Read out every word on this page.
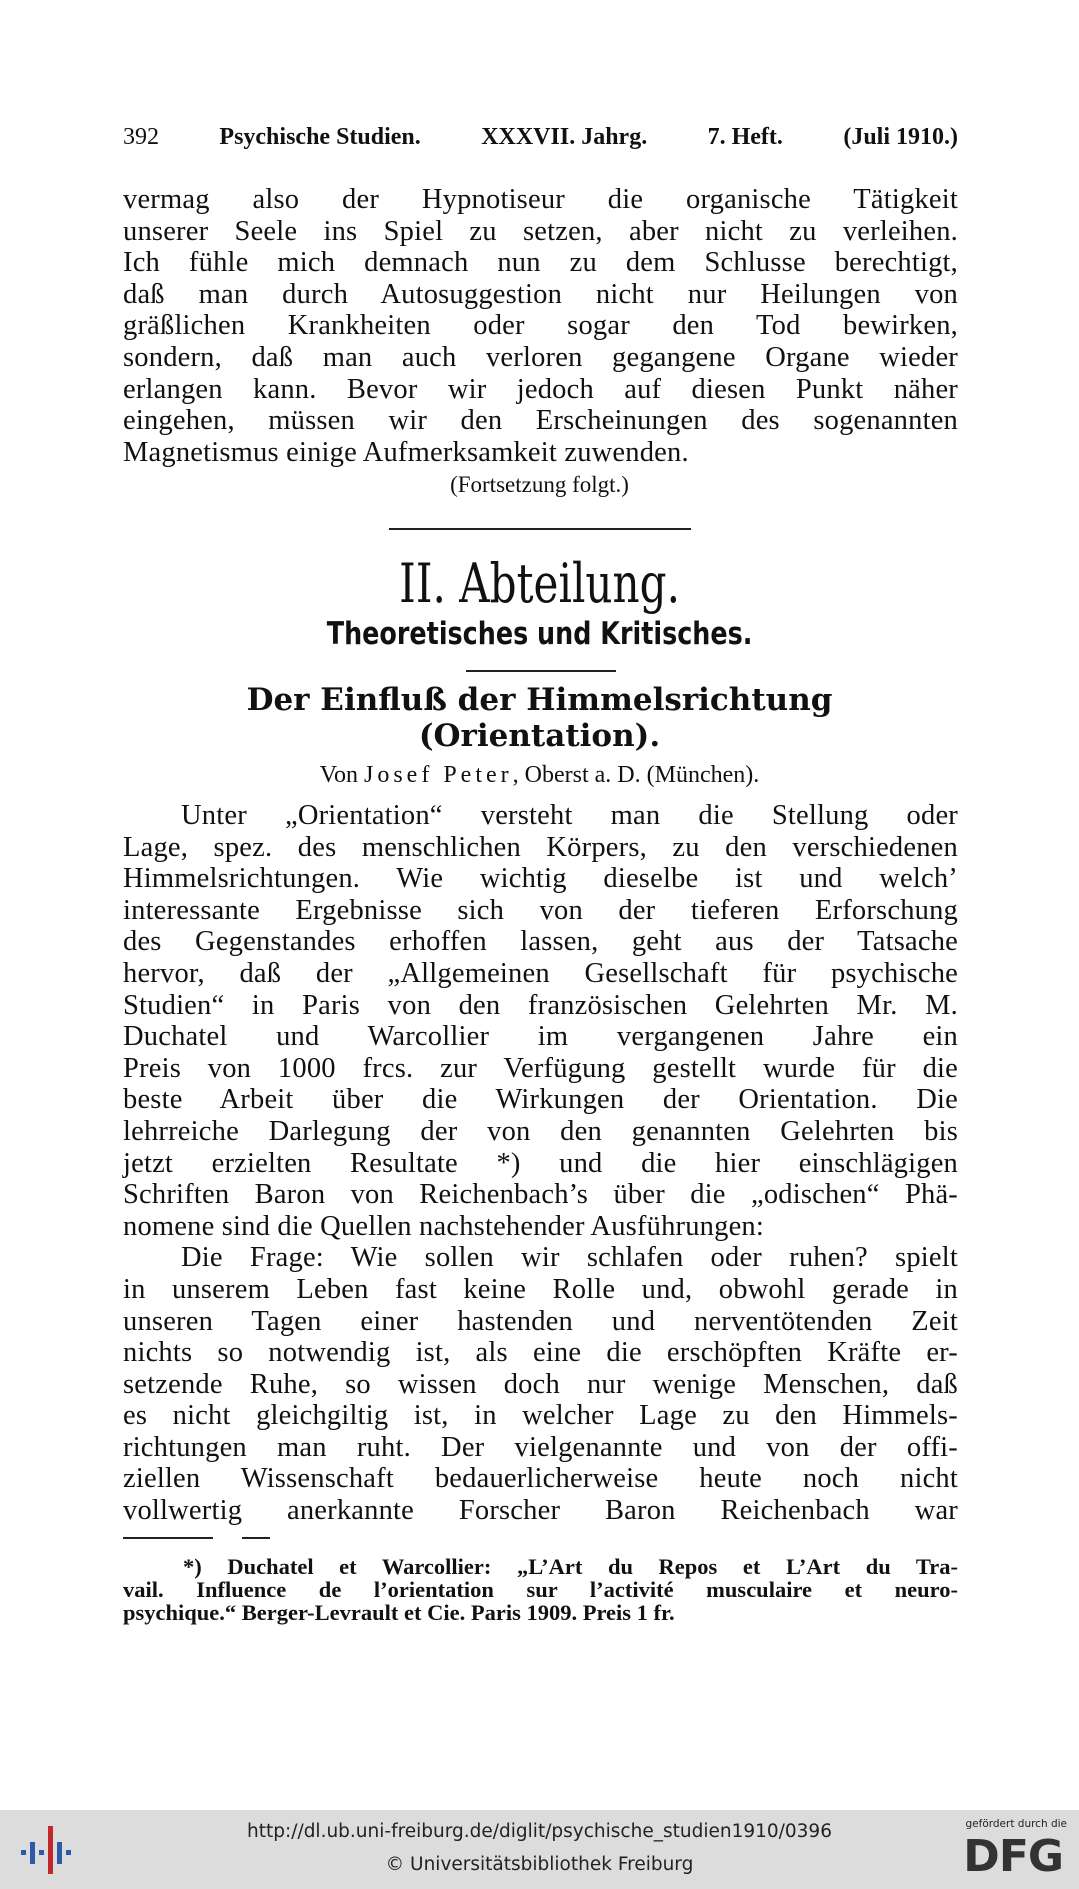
392	Psychische Studien.	XXXVII. Jahrg.	7. Heft.	(Juli 1910.)
vermag also der Hypnotiseur die organische Tätigkeit
unserer Seele ins Spiel zu setzen, aber nicht zu verleihen.
Ich fühle mich demnach nun zu dem Schlusse berechtigt,
daß man durch Autosuggestion nicht nur Heilungen von
gräßlichen Krankheiten oder sogar den Tod bewirken,
sondern, daß man auch verloren gegangene Organe wieder
erlangen kann. Bevor wir jedoch auf diesen Punkt näher
eingehen, müssen wir den Erscheinungen des sogenannten
Magnetismus einige Aufmerksamkeit zuwenden.
(Fortsetzung folgt.)
II. Abteilung.
Theoretisches und Kritisches.
Der Einfluß der Himmelsrichtung
(Orientation).
Von Josef Peter, Oberst a. D. (München).
Unter „Orientation“ versteht man die Stellung oder
Lage, spez. des menschlichen Körpers, zu den verschiedenen
Himmelsrichtungen. Wie wichtig dieselbe ist und welch’
interessante Ergebnisse sich von der tieferen Erforschung
des Gegenstandes erhoffen lassen, geht aus der Tatsache
hervor, daß der „Allgemeinen Gesellschaft für psychische
Studien“ in Paris von den französischen Gelehrten Mr. M.
Duchatel und Warcollier im vergangenen Jahre ein
Preis von 1000 frcs. zur Verfügung gestellt wurde für die
beste Arbeit über die Wirkungen der Orientation. Die
lehrreiche Darlegung der von den genannten Gelehrten bis
jetzt erzielten Resultate *) und die hier einschlägigen
Schriften Baron von Reichenbach’s über die „odischen“ Phä-
nomene sind die Quellen nachstehender Ausführungen:
Die Frage: Wie sollen wir schlafen oder ruhen? spielt
in unserem Leben fast keine Rolle und, obwohl gerade in
unseren Tagen einer hastenden und nerventötenden Zeit
nichts so notwendig ist, als eine die erschöpften Kräfte er-
setzende Ruhe, so wissen doch nur wenige Menschen, daß
es nicht gleichgiltig ist, in welcher Lage zu den Himmels-
richtungen man ruht. Der vielgenannte und von der offi-
ziellen Wissenschaft bedauerlicherweise heute noch nicht
vollwertig anerkannte Forscher Baron Reichenbach war
*) Duchatel et Warcollier: „L’Art du Repos et L’Art du Tra-
vail. Influence de l’orientation sur l’activité musculaire et neuro-
psychique.“ Berger-Levrault et Cie. Paris 1909. Preis 1 fr.
http://dl.ub.uni-freiburg.de/diglit/psychische_studien1910/0396
© Universitätsbibliothek Freiburg
gefördert durch die
DFG
